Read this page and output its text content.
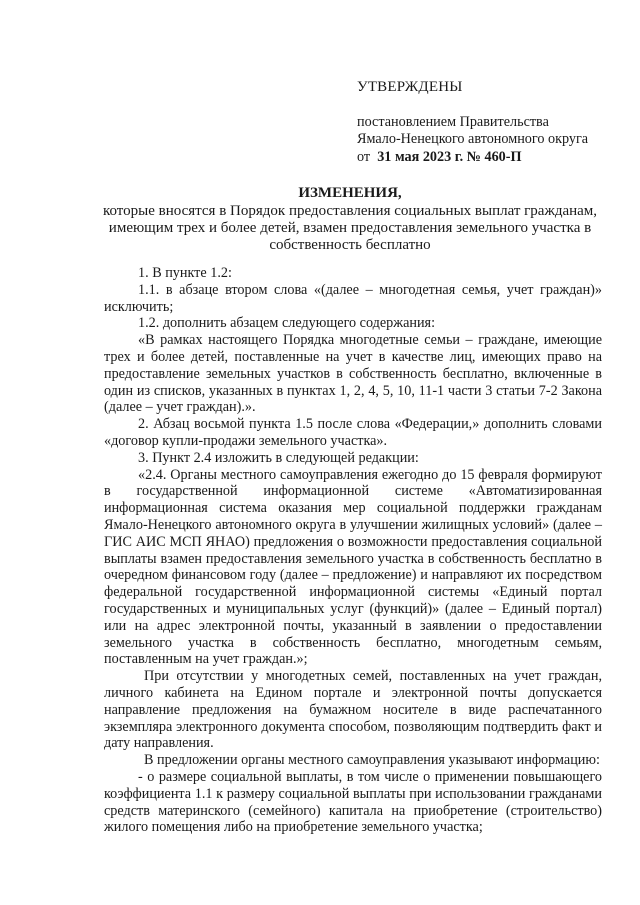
УТВЕРЖДЕНЫ
постановлением Правительства
Ямало-Ненецкого автономного округа
от 31 мая 2023 г. № 460-П
ИЗМЕНЕНИЯ,
которые вносятся в Порядок предоставления социальных выплат гражданам, имеющим трех и более детей, взамен предоставления земельного участка в собственность бесплатно

1. В пункте 1.2:

1.1. в абзаце втором слова «(далее – многодетная семья, учет граждан)» исключить;

1.2. дополнить абзацем следующего содержания:

«В рамках настоящего Порядка многодетные семьи – граждане, имеющие трех и более детей, поставленные на учет в качестве лиц, имеющих право на предоставление земельных участков в собственность бесплатно, включенные в один из списков, указанных в пунктах 1, 2, 4, 5, 10, 11-1 части 3 статьи 7-2 Закона (далее – учет граждан).».

2. Абзац восьмой пункта 1.5 после слова «Федерации,» дополнить словами «договор купли-продажи земельного участка».

3. Пункт 2.4 изложить в следующей редакции:

«2.4. Органы местного самоуправления ежегодно до 15 февраля формируют в государственной информационной системе «Автоматизированная информационная система оказания мер социальной поддержки гражданам Ямало-Ненецкого автономного округа в улучшении жилищных условий» (далее – ГИС АИС МСП ЯНАО) предложения о возможности предоставления социальной выплаты взамен предоставления земельного участка в собственность бесплатно в очередном финансовом году (далее – предложение) и направляют их посредством федеральной государственной информационной системы «Единый портал государственных и муниципальных услуг (функций)» (далее – Единый портал) или на адрес электронной почты, указанный в заявлении о предоставлении земельного участка в собственность бесплатно, многодетным семьям, поставленным на учет граждан.»;

При отсутствии у многодетных семей, поставленных на учет граждан, личного кабинета на Едином портале и электронной почты допускается направление предложения на бумажном носителе в виде распечатанного экземпляра электронного документа способом, позволяющим подтвердить факт и дату направления.

В предложении органы местного самоуправления указывают информацию:

- о размере социальной выплаты, в том числе о применении повышающего коэффициента 1.1 к размеру социальной выплаты при использовании гражданами средств материнского (семейного) капитала на приобретение (строительство) жилого помещения либо на приобретение земельного участка;
